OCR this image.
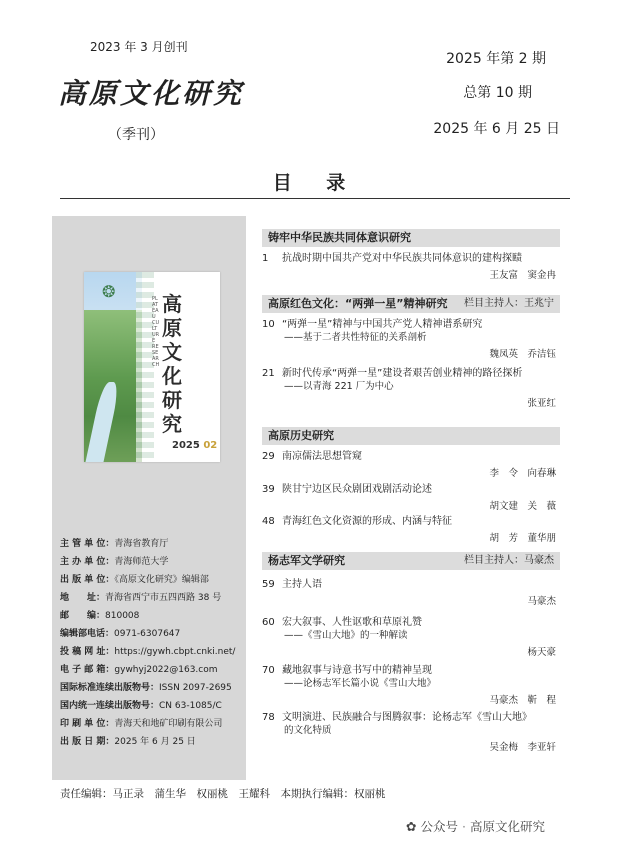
2023 年 3 月创刊
高原文化研究
（季刊）
2025 年第 2 期
总第 10 期
2025 年 6 月 25 日
目 录
❂	PLATEAU CULTURE RESEARCH
高原文化研究
2025 02
主 管 单 位：青海省教育厅
主 办 单 位：青海师范大学
出 版 单 位：《高原文化研究》编辑部
地　　址：青海省西宁市五四西路 38 号
邮　　编：810008
编辑部电话：0971-6307647
投 稿 网 址：https://gywh.cbpt.cnki.net/
电 子 邮 箱：gywhyj2022@163.com
国际标准连续出版物号：ISSN 2097-2695
国内统一连续出版物号：CN 63-1085/C
印 刷 单 位：青海天和地矿印刷有限公司
出 版 日 期：2025 年 6 月 25 日
铸牢中华民族共同体意识研究
1 抗战时期中国共产党对中华民族共同体意识的建构探赜
王友富　窦金冉
高原红色文化：“两弹一星”精神研究 栏目主持人：王兆宁
10 “两弹一星”精神与中国共产党人精神谱系研究
——基于二者共性特征的关系剖析
魏凤英　乔洁钰
21 新时代传承“两弹一星”建设者艰苦创业精神的路径探析
——以青海 221 厂为中心
张亚红
高原历史研究
29 南凉儒法思想管窥
李　令　向春琳
39 陕甘宁边区民众剧团戏剧活动论述
胡文建　关　薇
48 青海红色文化资源的形成、内涵与特征
胡　芳　董华朋
杨志军文学研究	栏目主持人：马豪杰
59 主持人语
马豪杰
60 宏大叙事、人性讴歌和草原礼赞
——《雪山大地》的一种解读
杨天豪
70 藏地叙事与诗意书写中的精神呈现
——论杨志军长篇小说《雪山大地》
马豪杰　靳　程
78 文明演进、民族融合与图腾叙事：论杨志军《雪山大地》
的文化特质
吴金梅　李亚轩
责任编辑：马正录　蒲生华　权丽桃　王耀科　本期执行编辑：权丽桃
✿ 公众号 · 高原文化研究
